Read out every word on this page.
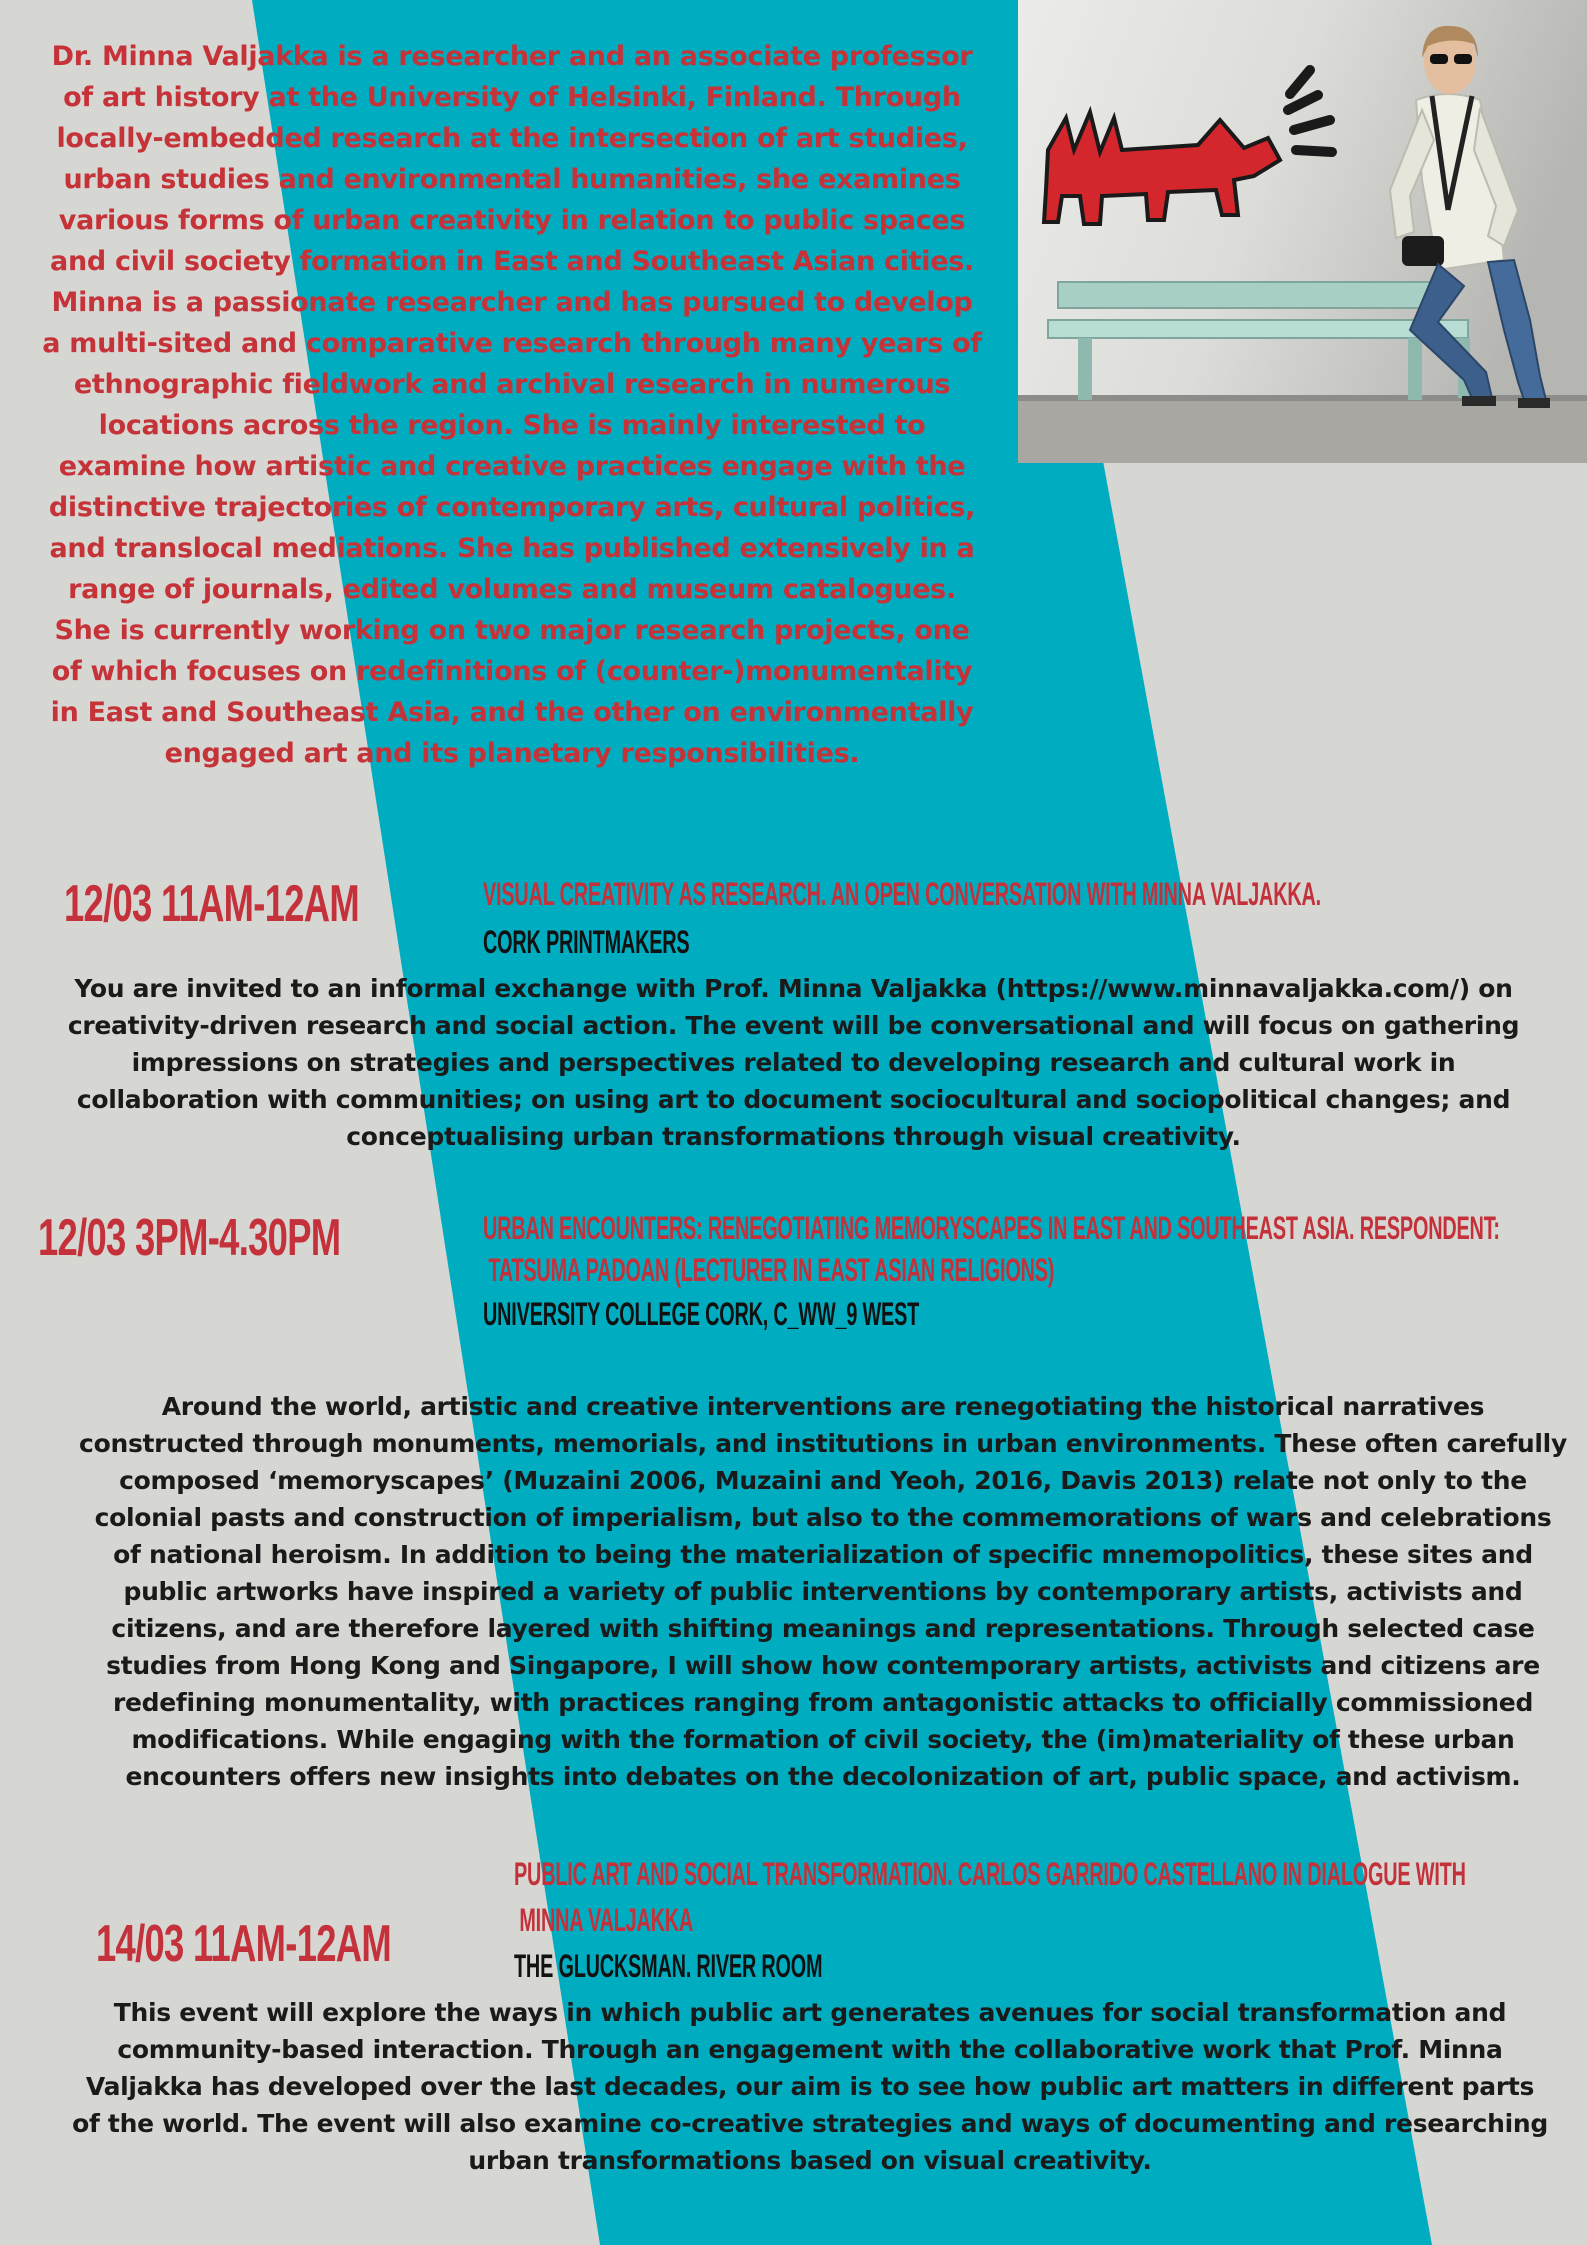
Dr. Minna Valjakka is a researcher and an associate professor of art history at the University of Helsinki, Finland. Through locally-embedded research at the intersection of art studies, urban studies and environmental humanities, she examines various forms of urban creativity in relation to public spaces and civil society formation in East and Southeast Asian cities. Minna is a passionate researcher and has pursued to develop a multi-sited and comparative research through many years of ethnographic fieldwork and archival research in numerous locations across the region. She is mainly interested to examine how artistic and creative practices engage with the distinctive trajectories of contemporary arts, cultural politics, and translocal mediations. She has published extensively in a range of journals, edited volumes and museum catalogues. She is currently working on two major research projects, one of which focuses on redefinitions of (counter-)monumentality in East and Southeast Asia, and the other on environmentally engaged art and its planetary responsibilities.
12/03 11AM-12AM	VISUAL CREATIVITY AS RESEARCH. AN OPEN CONVERSATION WITH MINNA VALJAKKA.
CORK PRINTMAKERS
You are invited to an informal exchange with Prof. Minna Valjakka (https://www.minnavaljakka.com/) on creativity-driven research and social action. The event will be conversational and will focus on gathering impressions on strategies and perspectives related to developing research and cultural work in collaboration with communities; on using art to document sociocultural and sociopolitical changes; and conceptualising urban transformations through visual creativity.
12/03 3PM-4.30PM	URBAN ENCOUNTERS: RENEGOTIATING MEMORYSCAPES IN EAST AND SOUTHEAST ASIA. RESPONDENT:
TATSUMA PADOAN (LECTURER IN EAST ASIAN RELIGIONS)
UNIVERSITY COLLEGE CORK, C_WW_9 WEST
Around the world, artistic and creative interventions are renegotiating the historical narratives constructed through monuments, memorials, and institutions in urban environments. These often carefully composed ‘memoryscapes’ (Muzaini 2006, Muzaini and Yeoh, 2016, Davis 2013) relate not only to the colonial pasts and construction of imperialism, but also to the commemorations of wars and celebrations of national heroism. In addition to being the materialization of specific mnemopolitics, these sites and public artworks have inspired a variety of public interventions by contemporary artists, activists and citizens, and are therefore layered with shifting meanings and representations. Through selected case studies from Hong Kong and Singapore, I will show how contemporary artists, activists and citizens are redefining monumentality, with practices ranging from antagonistic attacks to officially commissioned modifications. While engaging with the formation of civil society, the (im)materiality of these urban encounters offers new insights into debates on the decolonization of art, public space, and activism.
PUBLIC ART AND SOCIAL TRANSFORMATION. CARLOS GARRIDO CASTELLANO IN DIALOGUE WITH
MINNA VALJAKKA
14/03 11AM-12AM	THE GLUCKSMAN. RIVER ROOM
This event will explore the ways in which public art generates avenues for social transformation and community-based interaction. Through an engagement with the collaborative work that Prof. Minna Valjakka has developed over the last decades, our aim is to see how public art matters in different parts of the world. The event will also examine co-creative strategies and ways of documenting and researching urban transformations based on visual creativity.
